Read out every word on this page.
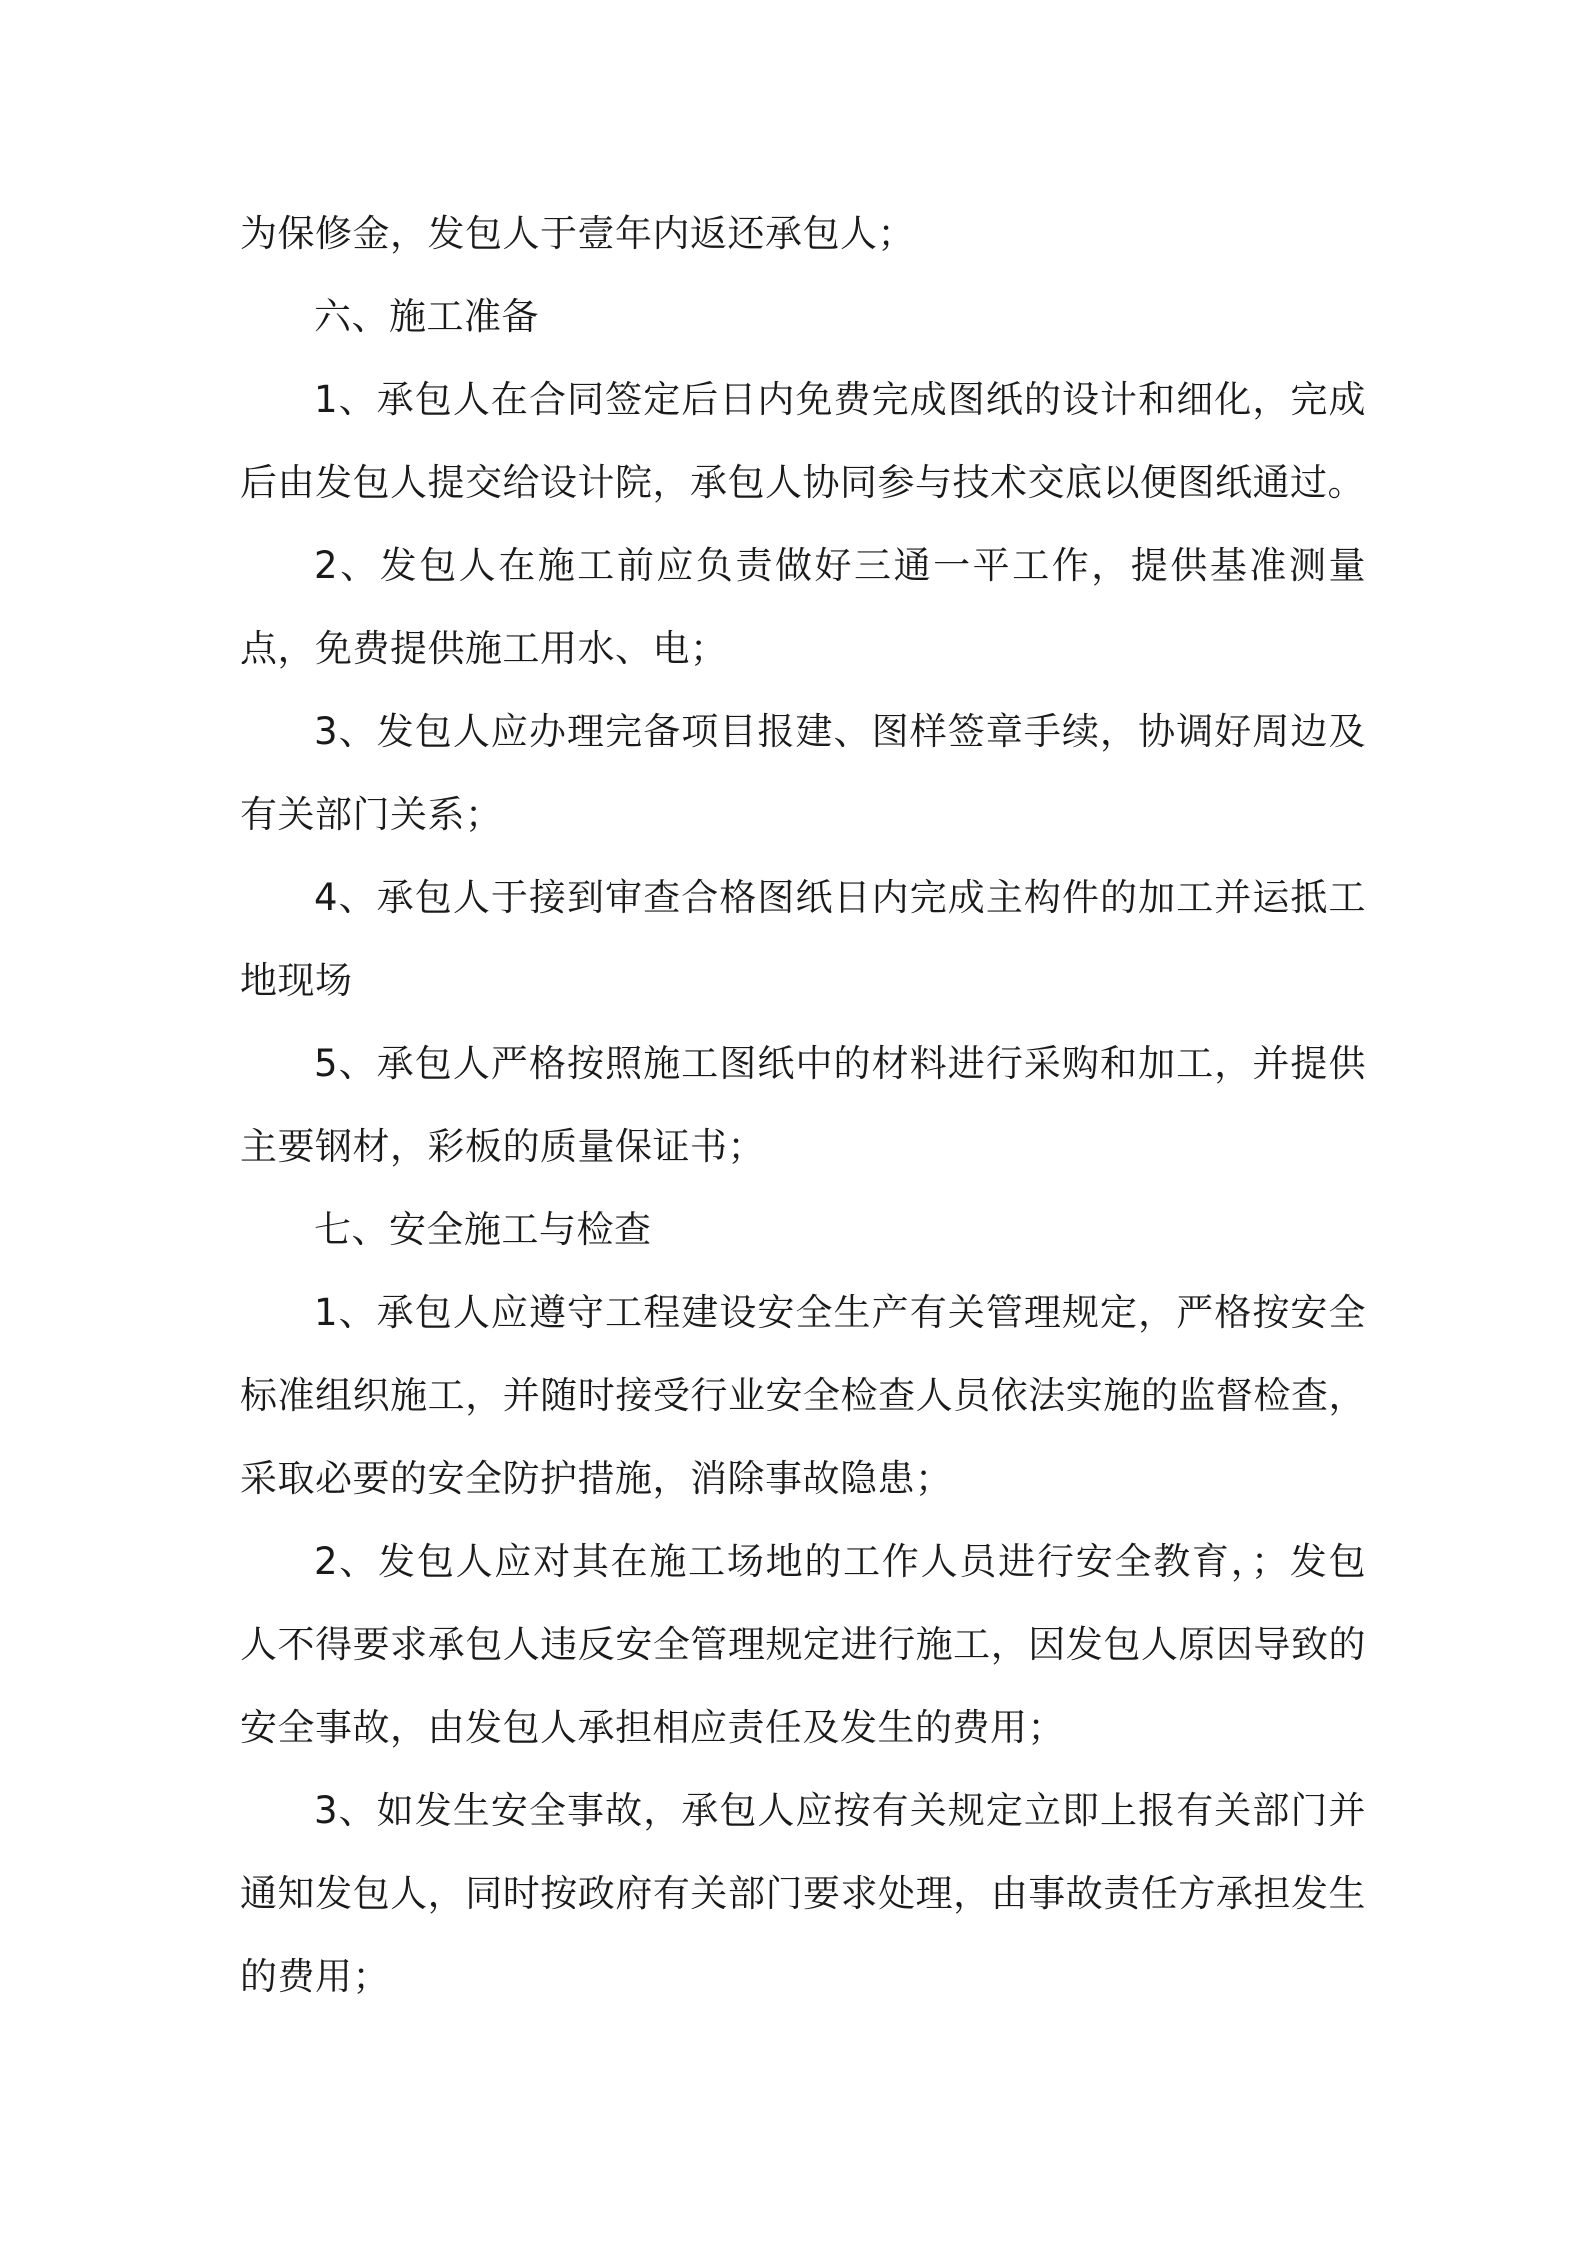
为保修金，发包人于壹年内返还承包人；

六、施工准备

1、承包人在合同签定后日内免费完成图纸的设计和细化，完成后由发包人提交给设计院，承包人协同参与技术交底以便图纸通过。

2、发包人在施工前应负责做好三通一平工作，提供基准测量点，免费提供施工用水、电；

3、发包人应办理完备项目报建、图样签章手续，协调好周边及有关部门关系；

4、承包人于接到审查合格图纸日内完成主构件的加工并运抵工地现场

5、承包人严格按照施工图纸中的材料进行采购和加工，并提供主要钢材，彩板的质量保证书；

七、安全施工与检查

1、承包人应遵守工程建设安全生产有关管理规定，严格按安全标准组织施工，并随时接受行业安全检查人员依法实施的监督检查，采取必要的安全防护措施，消除事故隐患；

2、发包人应对其在施工场地的工作人员进行安全教育，；发包人不得要求承包人违反安全管理规定进行施工，因发包人原因导致的安全事故，由发包人承担相应责任及发生的费用；

3、如发生安全事故，承包人应按有关规定立即上报有关部门并通知发包人，同时按政府有关部门要求处理，由事故责任方承担发生的费用；
